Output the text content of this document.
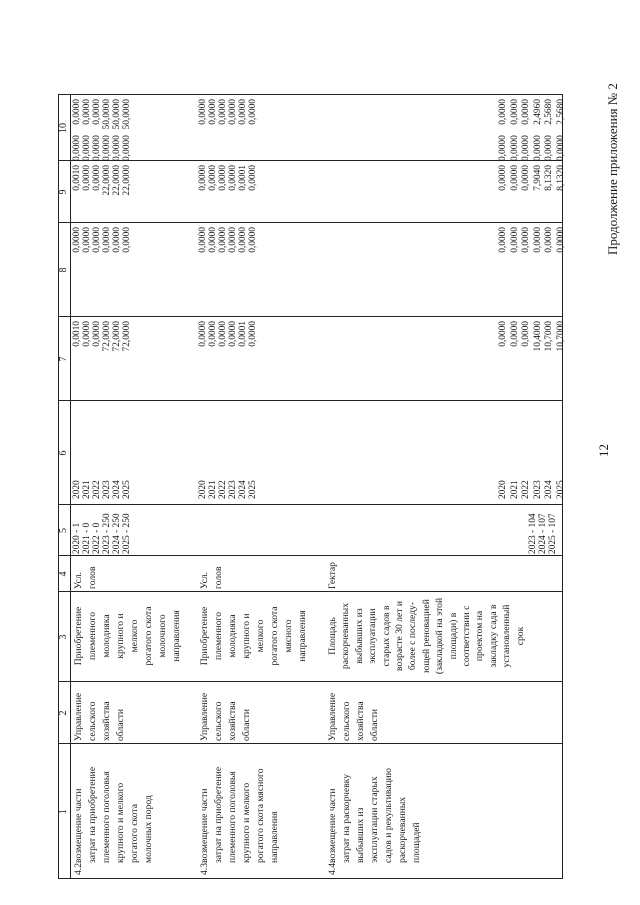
12
Продолжение приложения № 2
1
2
3
4
5
6
7
8
9
10
4.2.
возмещение части
затрат на приобретение
племенного поголовья
крупного и мелкого
рогатого скота
молочных пород
Управление
сельского
хозяйства
области
Приобретение
племенного
молодняка
крупного и
мелкого
рогатого скота
молочного
направления
Усл.
голов
2020 - 1
2021 - 0
2022 - 0
2023 - 250
2024 - 250
2025 - 250
2020
2021
2022
2023
2024
2025
0,0010
0,0000
0,0000
72,0000
72,0000
72,0000
0,0000
0,0000
0,0000
0,0000
0,0000
0,0000
0,0010
0,0000
0,0000
22,0000
22,0000
22,0000
0,0000
0,0000
0,0000
0,0000
0,0000
0,0000
0,0000
0,0000
0,0000
50,0000
50,0000
50,0000
4.3.
возмещение части
затрат на приобретение
племенного поголовья
крупного и мелкого
рогатого скота мясного
направления
Управление
сельского
хозяйства
области
Приобретение
племенного
молодняка
крупного и
мелкого
рогатого скота
мясного
направления
Усл.
голов
2020
2021
2022
2023
2024
2025
0,0000
0,0000
0,0000
0,0000
0,0001
0,0000
0,0000
0,0000
0,0000
0,0000
0,0000
0,0000
0,0000
0,0000
0,0000
0,0000
0,0001
0,0000
0,0000
0,0000
0,0000
0,0000
0,0000
0,0000
4.4.
возмещение части
затрат на раскорчевку
выбывших из
эксплуатации старых
садов и рекультивацию
раскорчеванных
площадей
Управление
сельского
хозяйства
области
Площадь
раскорчеванных
выбывших из
эксплуатации
старых садов в
возрасте 30 лет и
более с последу-
ющей реновацией
(закладкой на этой
площади) в
соответствии с
проектом на
закладку сада в
установленный
срок
Гектар
2023 - 104
2024 - 107
2025 - 107
2020
2021
2022
2023
2024
2025
0,0000
0,0000
0,0000
10,4000
10,7000
10,7000
0,0000
0,0000
0,0000
0,0000
0,0000
0,0000
0,0000
0,0000
0,0000
7,9040
8,1320
8,1320
0,0000
0,0000
0,0000
0,0000
0,0000
0,0000
0,0000
0,0000
0,0000
2,4960
2,5680
2,5680
